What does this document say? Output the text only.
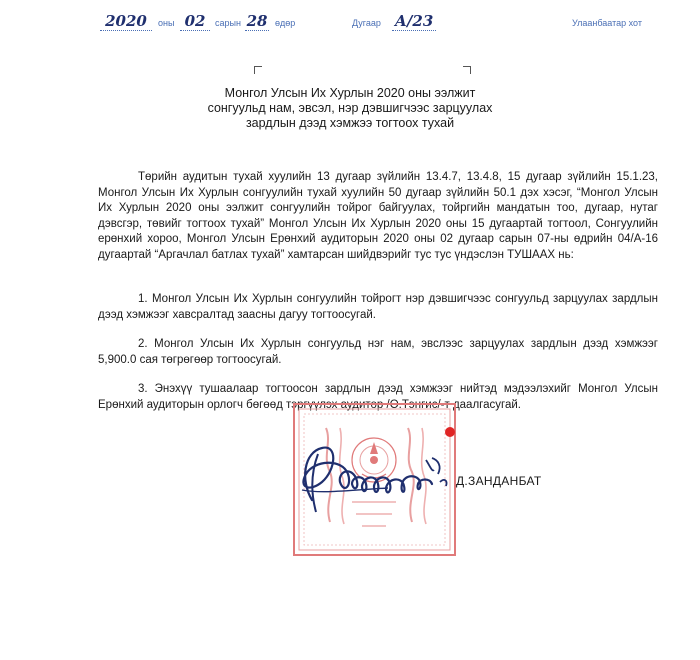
2020	оны 02	сарын 28 өдөр	Дугаар А/23	Улаанбаатар хот
Монгол Улсын Их Хурлын 2020 оны ээлжит
сонгуульд нам, эвсэл, нэр дэвшигчээс зарцуулах
зардлын дээд хэмжээ тогтоох тухай
Төрийн аудитын тухай хуулийн 13 дугаар зүйлийн 13.4.7, 13.4.8, 15 дугаар зүйлийн 15.1.23, Монгол Улсын Их Хурлын сонгуулийн тухай хуулийн 50 дугаар зүйлийн 50.1 дэх хэсэг, “Монгол Улсын Их Хурлын 2020 оны ээлжит сонгуулийн тойрог байгуулах, тойргийн мандатын тоо, дугаар, нутаг дэвсгэр, төвийг тогтоох тухай” Монгол Улсын Их Хурлын 2020 оны 15 дугаартай тогтоол, Сонгуулийн ерөнхий хороо, Монгол Улсын Ерөнхий аудиторын 2020 оны 02 дугаар сарын 07-ны өдрийн 04/А-16 дугаартай “Аргачлал батлах тухай” хамтарсан шийдвэрийг тус тус үндэслэн ТУШААХ нь:
1. Монгол Улсын Их Хурлын сонгуулийн тойрогт нэр дэвшигчээс сонгуульд зарцуулах зардлын дээд хэмжээг хавсралтад заасны дагуу тогтоосугай.
2. Монгол Улсын Их Хурлын сонгуульд нэг нам, эвслээс зарцуулах зардлын дээд хэмжээг 5,900.0 сая төгрөгөөр тогтоосугай.
3. Энэхүү тушаалаар тогтоосон зардлын дээд хэмжээг нийтэд мэдээлэхийг Монгол Улсын Ерөнхий аудиторын орлогч бөгөөд тэргүүлэх аудитор /О.Тэнгис/-т даалгасугай.
Д.ЗАНДАНБАТ
